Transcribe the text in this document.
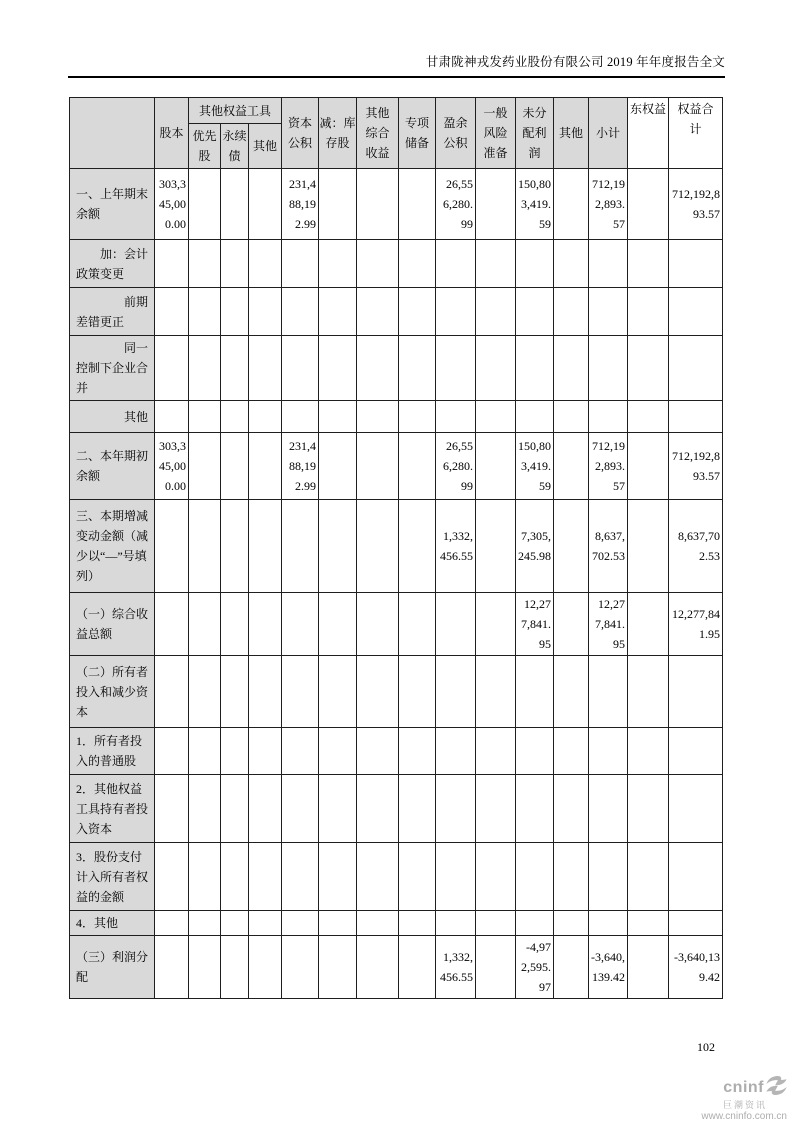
甘肃陇神戎发药业股份有限公司 2019 年年度报告全文
	股本	其他权益工具			资本公积	减：库存股	其他综合收益	专项储备	盈余公积	一般风险准备	未分配利润	其他	小计	东权益	权益合计
		优先股	永续债	其他											
一、上年期末余额	303,345,000.00				231,488,192.99				26,556,280.99		150,803,419.59		712,192,893.57		712,192,893.57
加：会计政策变更															
前期差错更正															
同一控制下企业合并															
其他															
二、本年期初余额	303,345,000.00				231,488,192.99				26,556,280.99		150,803,419.59		712,192,893.57		712,192,893.57
三、本期增减变动金额（减少以“—”号填列）									1,332,456.55		7,305,245.98		8,637,702.53		8,637,702.53
（一）综合收益总额											12,277,841.95		12,277,841.95		12,277,841.95
（二）所有者投入和减少资本															
1．所有者投入的普通股															
2．其他权益工具持有者投入资本															
3．股份支付计入所有者权益的金额															
4．其他															
（三）利润分配									1,332,456.55		-4,972,595.97		-3,640,139.42		-3,640,139.42
102
cninf
巨潮资讯
www.cninfo.com.cn
